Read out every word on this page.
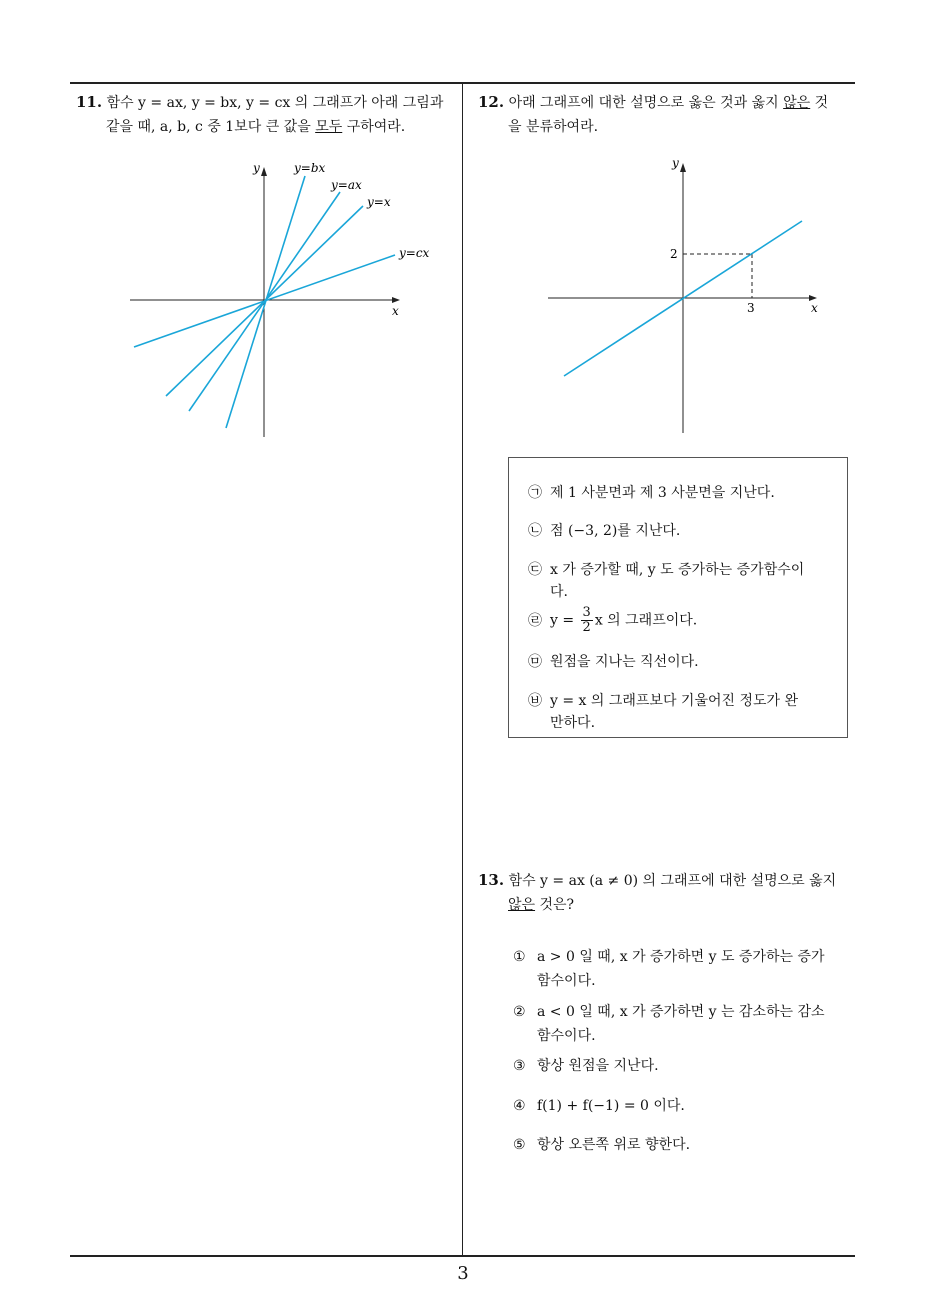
11. 함수 y = ax, y = bx, y = cx 의 그래프가 아래 그림과
같을 때, a, b, c 중 1보다 큰 값을 모두 구하여라.
y
x
y=bx
y=ax
y=x
y=cx
12. 아래 그래프에 대한 설명으로 옳은 것과 옳지 않은 것
을 분류하여라.
y
x
2
3
㉠ 제 1 사분면과 제 3 사분면을 지난다.
㉡ 점 (−3, 2)를 지난다.
㉢ x 가 증가할 때, y 도 증가하는 증가함수이
다.
㉣ $y = \frac{3}{2}$ x 의 그래프이다.
㉤ 원점을 지나는 직선이다.
㉥ y = x 의 그래프보다 기울어진 정도가 완
만하다.
13. 함수 y = ax (a ≠ 0) 의 그래프에 대한 설명으로 옳지
않은 것은?
① a > 0 일 때, x 가 증가하면 y 도 증가하는 증가
함수이다.
② a < 0 일 때, x 가 증가하면 y 는 감소하는 감소
함수이다.
③ 항상 원점을 지난다.
④ f(1) + f(−1) = 0 이다.
⑤ 항상 오른쪽 위로 향한다.
3
